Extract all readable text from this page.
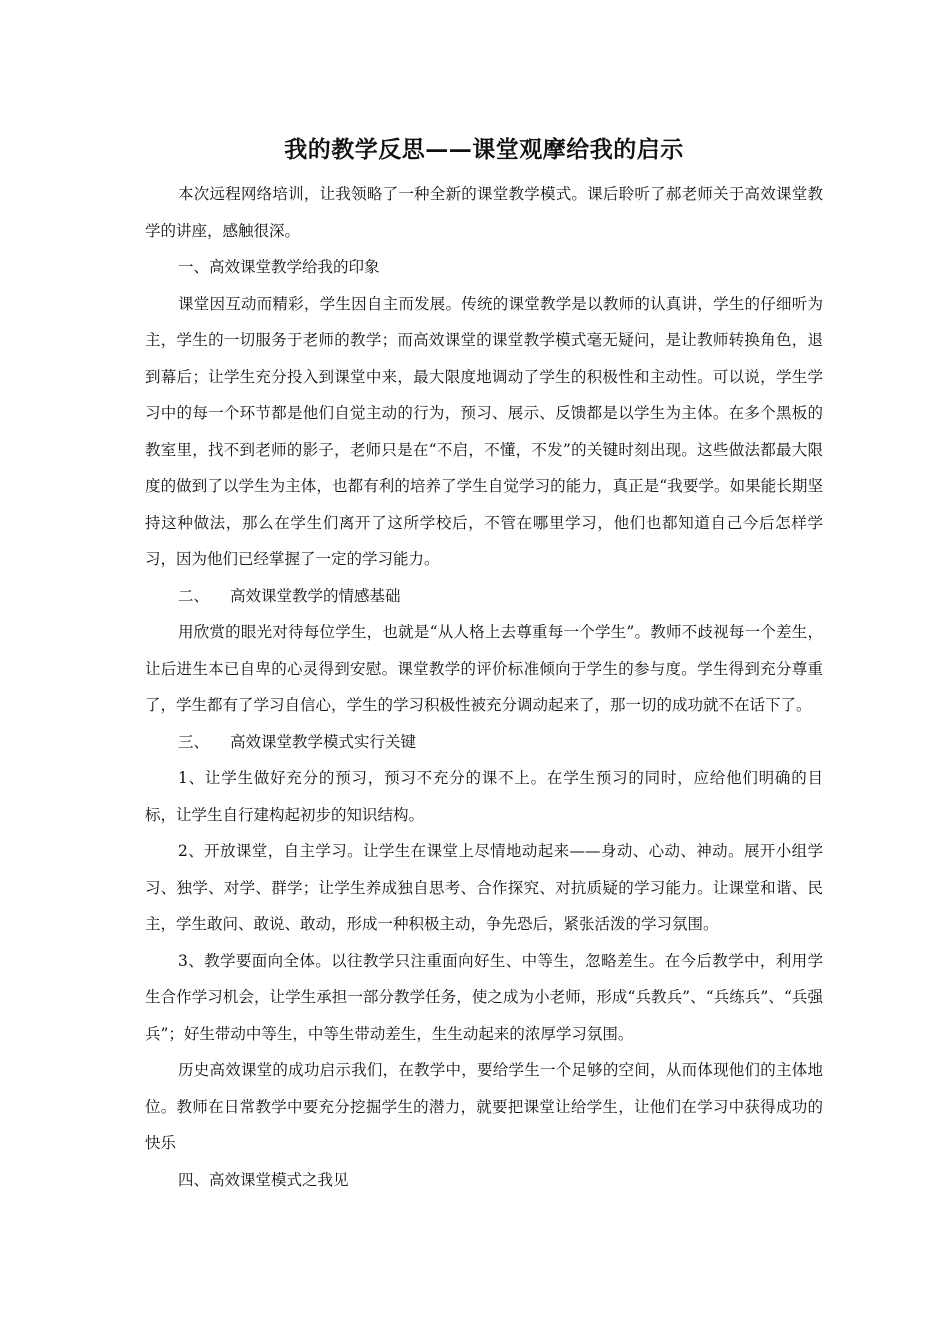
我的教学反思——课堂观摩给我的启示

本次远程网络培训，让我领略了一种全新的课堂教学模式。课后聆听了郝老师关于高效课堂教学的讲座，感触很深。

一、高效课堂教学给我的印象

课堂因互动而精彩，学生因自主而发展。传统的课堂教学是以教师的认真讲，学生的仔细听为主，学生的一切服务于老师的教学；而高效课堂的课堂教学模式毫无疑问，是让教师转换角色，退到幕后；让学生充分投入到课堂中来，最大限度地调动了学生的积极性和主动性。可以说，学生学习中的每一个环节都是他们自觉主动的行为，预习、展示、反馈都是以学生为主体。在多个黑板的教室里，找不到老师的影子，老师只是在“不启，不懂，不发”的关键时刻出现。这些做法都最大限度的做到了以学生为主体，也都有利的培养了学生自觉学习的能力，真正是“我要学。如果能长期坚持这种做法，那么在学生们离开了这所学校后，不管在哪里学习，他们也都知道自己今后怎样学习，因为他们已经掌握了一定的学习能力。

二、 高效课堂教学的情感基础

用欣赏的眼光对待每位学生，也就是“从人格上去尊重每一个学生”。教师不歧视每一个差生，让后进生本已自卑的心灵得到安慰。课堂教学的评价标准倾向于学生的参与度。学生得到充分尊重了，学生都有了学习自信心，学生的学习积极性被充分调动起来了，那一切的成功就不在话下了。

三、 高效课堂教学模式实行关键

1、让学生做好充分的预习，预习不充分的课不上。在学生预习的同时，应给他们明确的目标，让学生自行建构起初步的知识结构。

2、开放课堂，自主学习。让学生在课堂上尽情地动起来——身动、心动、神动。展开小组学习、独学、对学、群学；让学生养成独自思考、合作探究、对抗质疑的学习能力。让课堂和谐、民主，学生敢问、敢说、敢动，形成一种积极主动，争先恐后，紧张活泼的学习氛围。

3、教学要面向全体。以往教学只注重面向好生、中等生，忽略差生。在今后教学中，利用学生合作学习机会，让学生承担一部分教学任务，使之成为小老师，形成“兵教兵”、“兵练兵”、“兵强兵”；好生带动中等生，中等生带动差生，生生动起来的浓厚学习氛围。

历史高效课堂的成功启示我们，在教学中，要给学生一个足够的空间，从而体现他们的主体地位。教师在日常教学中要充分挖掘学生的潜力，就要把课堂让给学生，让他们在学习中获得成功的快乐

四、高效课堂模式之我见
